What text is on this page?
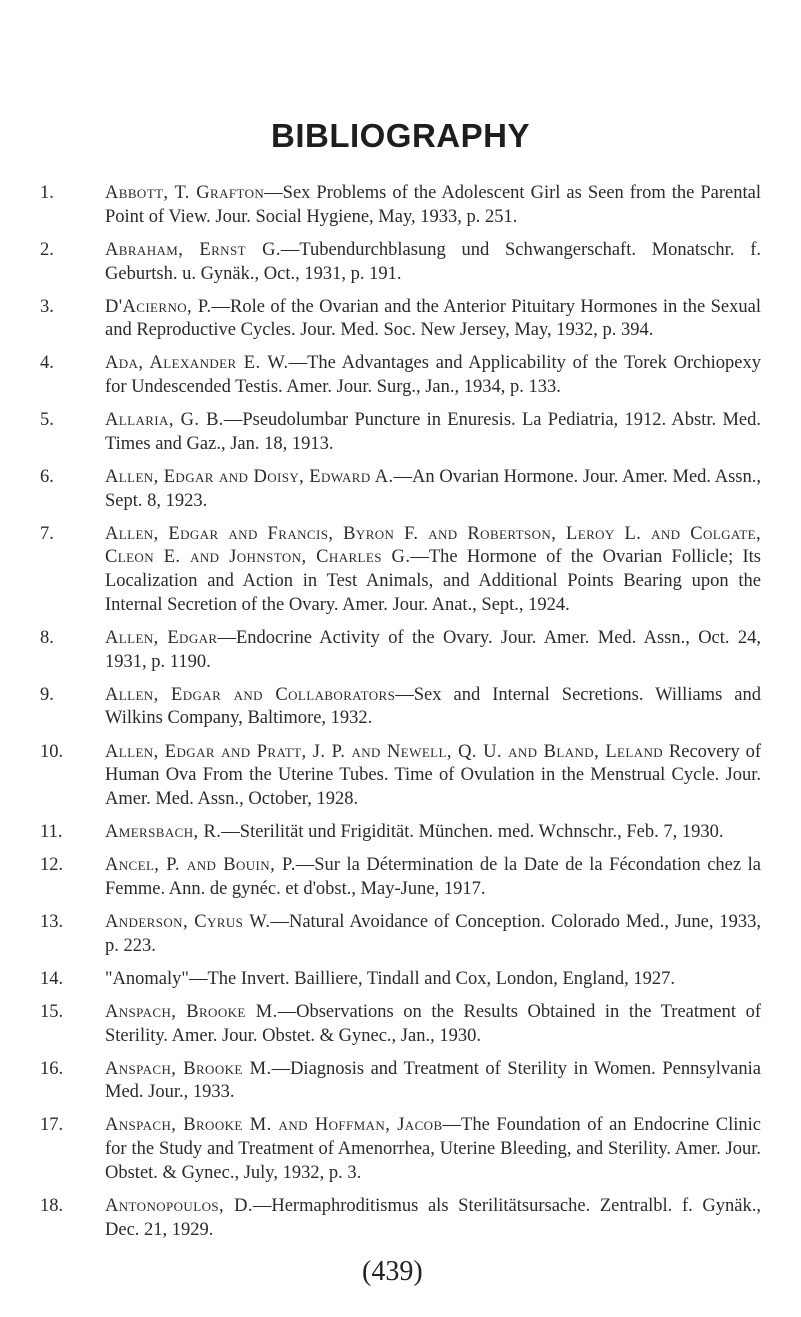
BIBLIOGRAPHY
1.	Abbott, T. Grafton—Sex Problems of the Adolescent Girl as Seen from the Parental Point of View. Jour. Social Hygiene, May, 1933, p. 251.
2.	Abraham, Ernst G.—Tubendurchblasung und Schwangerschaft. Monatschr. f. Geburtsh. u. Gynäk., Oct., 1931, p. 191.
3.	D'Acierno, P.—Role of the Ovarian and the Anterior Pituitary Hormones in the Sexual and Reproductive Cycles. Jour. Med. Soc. New Jersey, May, 1932, p. 394.
4.	Ada, Alexander E. W.—The Advantages and Applicability of the Torek Orchiopexy for Undescended Testis. Amer. Jour. Surg., Jan., 1934, p. 133.
5.	Allaria, G. B.—Pseudolumbar Puncture in Enuresis. La Pediatria, 1912. Abstr. Med. Times and Gaz., Jan. 18, 1913.
6.	Allen, Edgar and Doisy, Edward A.—An Ovarian Hormone. Jour. Amer. Med. Assn., Sept. 8, 1923.
7.	Allen, Edgar and Francis, Byron F. and Robertson, Leroy L. and Colgate, Cleon E. and Johnston, Charles G.—The Hormone of the Ovarian Follicle; Its Localization and Action in Test Animals, and Additional Points Bearing upon the Internal Secretion of the Ovary. Amer. Jour. Anat., Sept., 1924.
8.	Allen, Edgar—Endocrine Activity of the Ovary. Jour. Amer. Med. Assn., Oct. 24, 1931, p. 1190.
9.	Allen, Edgar and Collaborators—Sex and Internal Secretions. Williams and Wilkins Company, Baltimore, 1932.
10.	Allen, Edgar and Pratt, J. P. and Newell, Q. U. and Bland, Leland Recovery of Human Ova From the Uterine Tubes. Time of Ovulation in the Menstrual Cycle. Jour. Amer. Med. Assn., October, 1928.
11.	Amersbach, R.—Sterilität und Frigidität. München. med. Wchnschr., Feb. 7, 1930.
12.	Ancel, P. and Bouin, P.—Sur la Détermination de la Date de la Fécondation chez la Femme. Ann. de gynéc. et d'obst., May-June, 1917.
13.	Anderson, Cyrus W.—Natural Avoidance of Conception. Colorado Med., June, 1933, p. 223.
14.	"Anomaly"—The Invert. Bailliere, Tindall and Cox, London, England, 1927.
15.	Anspach, Brooke M.—Observations on the Results Obtained in the Treatment of Sterility. Amer. Jour. Obstet. & Gynec., Jan., 1930.
16.	Anspach, Brooke M.—Diagnosis and Treatment of Sterility in Women. Pennsylvania Med. Jour., 1933.
17.	Anspach, Brooke M. and Hoffman, Jacob—The Foundation of an Endocrine Clinic for the Study and Treatment of Amenorrhea, Uterine Bleeding, and Sterility. Amer. Jour. Obstet. & Gynec., July, 1932, p. 3.
18.	Antonopoulos, D.—Hermaphroditismus als Sterilitätsursache. Zentralbl. f. Gynäk., Dec. 21, 1929.
(439)
